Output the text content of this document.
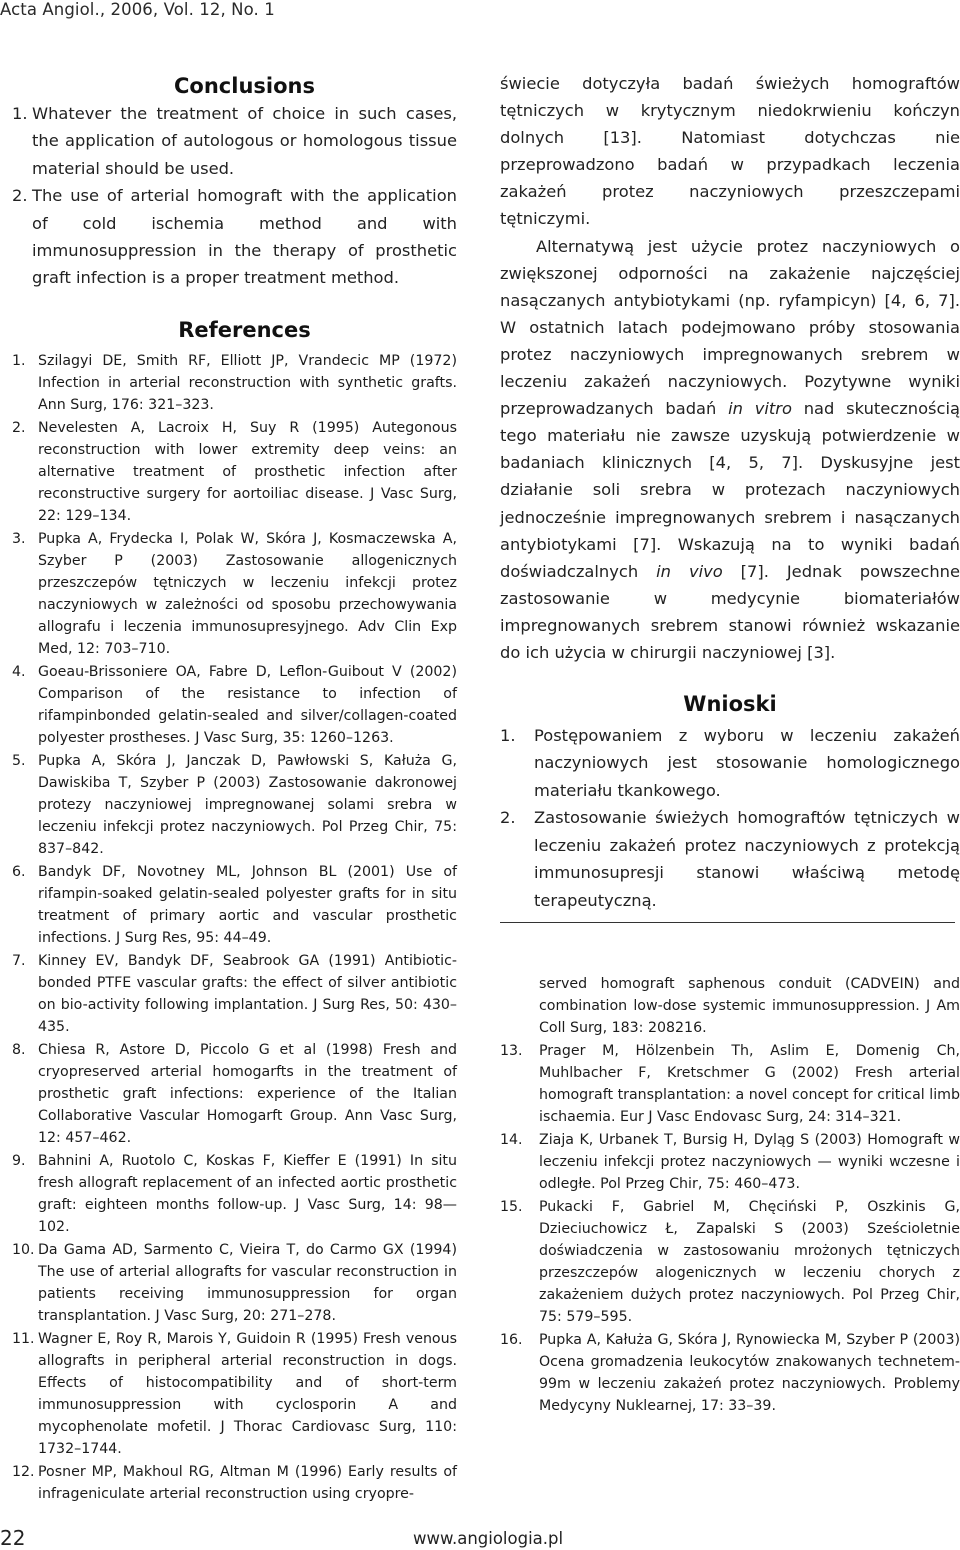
Acta Angiol., 2006, Vol. 12, No. 1
Conclusions
1. Whatever the treatment of choice in such cases, the application of autologous or homologous tissue material should be used.
2. The use of arterial homograft with the application of cold ischemia method and with immunosuppression in the therapy of prosthetic graft infection is a proper treatment method.
References
1. Szilagyi DE, Smith RF, Elliott JP, Vrandecic MP (1972) Infection in arterial reconstruction with synthetic grafts. Ann Surg, 176: 321–323.
2. Nevelesten A, Lacroix H, Suy R (1995) Autegonous reconstruction with lower extremity deep veins: an alternative treatment of prosthetic infection after reconstructive surgery for aortoiliac disease. J Vasc Surg, 22: 129–134.
3. Pupka A, Frydecka I, Polak W, Skóra J, Kosmaczewska A, Szyber P (2003) Zastosowanie allogenicznych przeszczepów tętniczych w leczeniu infekcji protez naczyniowych w zależności od sposobu przechowywania allografu i leczenia immunosupresyjnego. Adv Clin Exp Med, 12: 703–710.
4. Goeau-Brissoniere OA, Fabre D, Leflon-Guibout V (2002) Comparison of the resistance to infection of rifampinbonded gelatin-sealed and silver/collagen-coated polyester prostheses. J Vasc Surg, 35: 1260–1263.
5. Pupka A, Skóra J, Janczak D, Pawłowski S, Kałuża G, Dawiskiba T, Szyber P (2003) Zastosowanie dakronowej protezy naczyniowej impregnowanej solami srebra w leczeniu infekcji protez naczyniowych. Pol Przeg Chir, 75: 837–842.
6. Bandyk DF, Novotney ML, Johnson BL (2001) Use of rifampin-soaked gelatin-sealed polyester grafts for in situ treatment of primary aortic and vascular prosthetic infections. J Surg Res, 95: 44–49.
7. Kinney EV, Bandyk DF, Seabrook GA (1991) Antibiotic-bonded PTFE vascular grafts: the effect of silver antibiotic on bio-activity following implantation. J Surg Res, 50: 430–435.
8. Chiesa R, Astore D, Piccolo G et al (1998) Fresh and cryopreserved arterial homogarfts in the treatment of prosthetic graft infections: experience of the Italian Collaborative Vascular Homogarft Group. Ann Vasc Surg, 12: 457–462.
9. Bahnini A, Ruotolo C, Koskas F, Kieffer E (1991) In situ fresh allograft replacement of an infected aortic prosthetic graft: eighteen months follow-up. J Vasc Surg, 14: 98—102.
10. Da Gama AD, Sarmento C, Vieira T, do Carmo GX (1994) The use of arterial allografts for vascular reconstruction in patients receiving immunosuppression for organ transplantation. J Vasc Surg, 20: 271–278.
11. Wagner E, Roy R, Marois Y, Guidoin R (1995) Fresh venous allografts in peripheral arterial reconstruction in dogs. Effects of histocompatibility and of short-term immunosuppression with cyclosporin A and mycophenolate mofetil. J Thorac Cardiovasc Surg, 110: 1732–1744.
12. Posner MP, Makhoul RG, Altman M (1996) Early results of infrageniculate arterial reconstruction using cryopre-

świecie dotyczyła badań świeżych homograftów tętniczych w krytycznym niedokrwieniu kończyn dolnych [13]. Natomiast dotychczas nie przeprowadzono badań w przypadkach leczenia zakażeń protez naczyniowych przeszczepami tętniczymi.

Alternatywą jest użycie protez naczyniowych o zwiększonej odporności na zakażenie najczęściej nasączanych antybiotykami (np. ryfampicyn) [4, 6, 7]. W ostatnich latach podejmowano próby stosowania protez naczyniowych impregnowanych srebrem w leczeniu zakażeń naczyniowych. Pozytywne wyniki przeprowadzanych badań in vitro nad skutecznością tego materiału nie zawsze uzyskują potwierdzenie w badaniach klinicznych [4, 5, 7]. Dyskusyjne jest działanie soli srebra w protezach naczyniowych jednocześnie impregnowanych srebrem i nasączanych antybiotykami [7]. Wskazują na to wyniki badań doświadczalnych in vivo [7]. Jednak powszechne zastosowanie w medycynie biomateriałów impregnowanych srebrem stanowi również wskazanie do ich użycia w chirurgii naczyniowej [3].

Wnioski
1.	Postępowaniem z wyboru w leczeniu zakażeń naczyniowych jest stosowanie homologicznego materiału tkankowego.
2.	Zastosowanie świeżych homograftów tętniczych w leczeniu zakażeń protez naczyniowych z protekcją immunosupresji stanowi właściwą metodę terapeutyczną.
served homograft saphenous conduit (CADVEIN) and combination low-dose systemic immunosuppression. J Am Coll Surg, 183: 208216.
13.	Prager M, Hölzenbein Th, Aslim E, Domenig Ch, Muhlbacher F, Kretschmer G (2002) Fresh arterial homograft transplantation: a novel concept for critical limb ischaemia. Eur J Vasc Endovasc Surg, 24: 314–321.
14.	Ziaja K, Urbanek T, Bursig H, Dyląg S (2003) Homograft w leczeniu infekcji protez naczyniowych — wyniki wczesne i odległe. Pol Przeg Chir, 75: 460–473.
15.	Pukacki F, Gabriel M, Chęciński P, Oszkinis G, Dzieciuchowicz Ł, Zapalski S (2003) Sześcioletnie doświadczenia w zastosowaniu mrożonych tętniczych przeszczepów alogenicznych w leczeniu chorych z zakażeniem dużych protez naczyniowych. Pol Przeg Chir, 75: 579–595.
16.	Pupka A, Kałuża G, Skóra J, Rynowiecka M, Szyber P (2003) Ocena gromadzenia leukocytów znakowanych technetem-99m w leczeniu zakażeń protez naczyniowych. Problemy Medycyny Nuklearnej, 17: 33–39.
22	www.angiologia.pl
